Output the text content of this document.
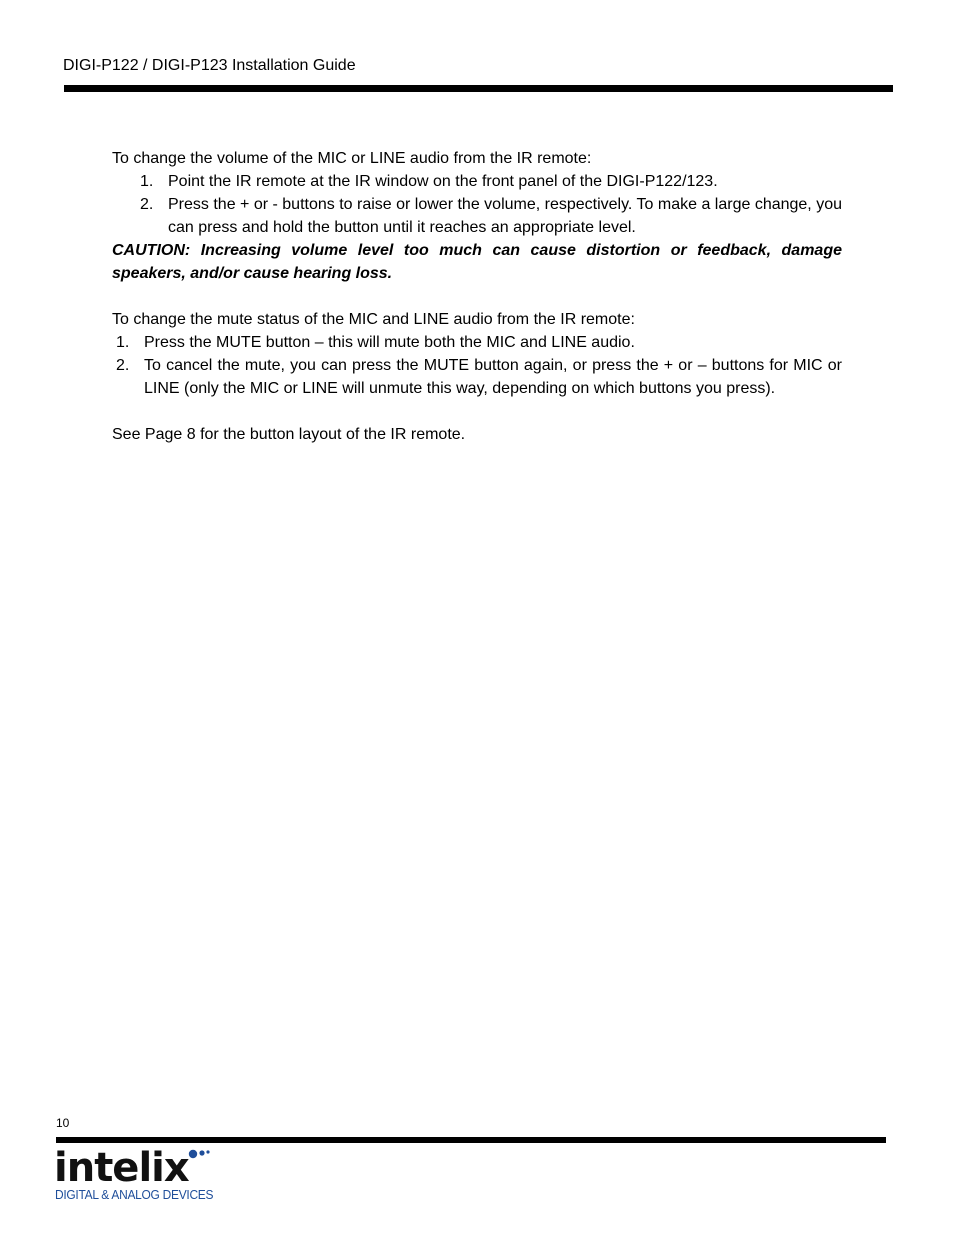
DIGI-P122 / DIGI-P123 Installation Guide

To change the volume of the MIC or LINE audio from the IR remote:

1. Point the IR remote at the IR window on the front panel of the DIGI-P122/123.
2. Press the + or - buttons to raise or lower the volume, respectively. To make a large change, you can press and hold the button until it reaches an appropriate level.

CAUTION: Increasing volume level too much can cause distortion or feedback, damage speakers, and/or cause hearing loss.

To change the mute status of the MIC and LINE audio from the IR remote:

1. Press the MUTE button – this will mute both the MIC and LINE audio.
2. To cancel the mute, you can press the MUTE button again, or press the + or – buttons for MIC or LINE (only the MIC or LINE will unmute this way, depending on which buttons you press).

See Page 8 for the button layout of the IR remote.

10
intelix
DIGITAL & ANALOG DEVICES
